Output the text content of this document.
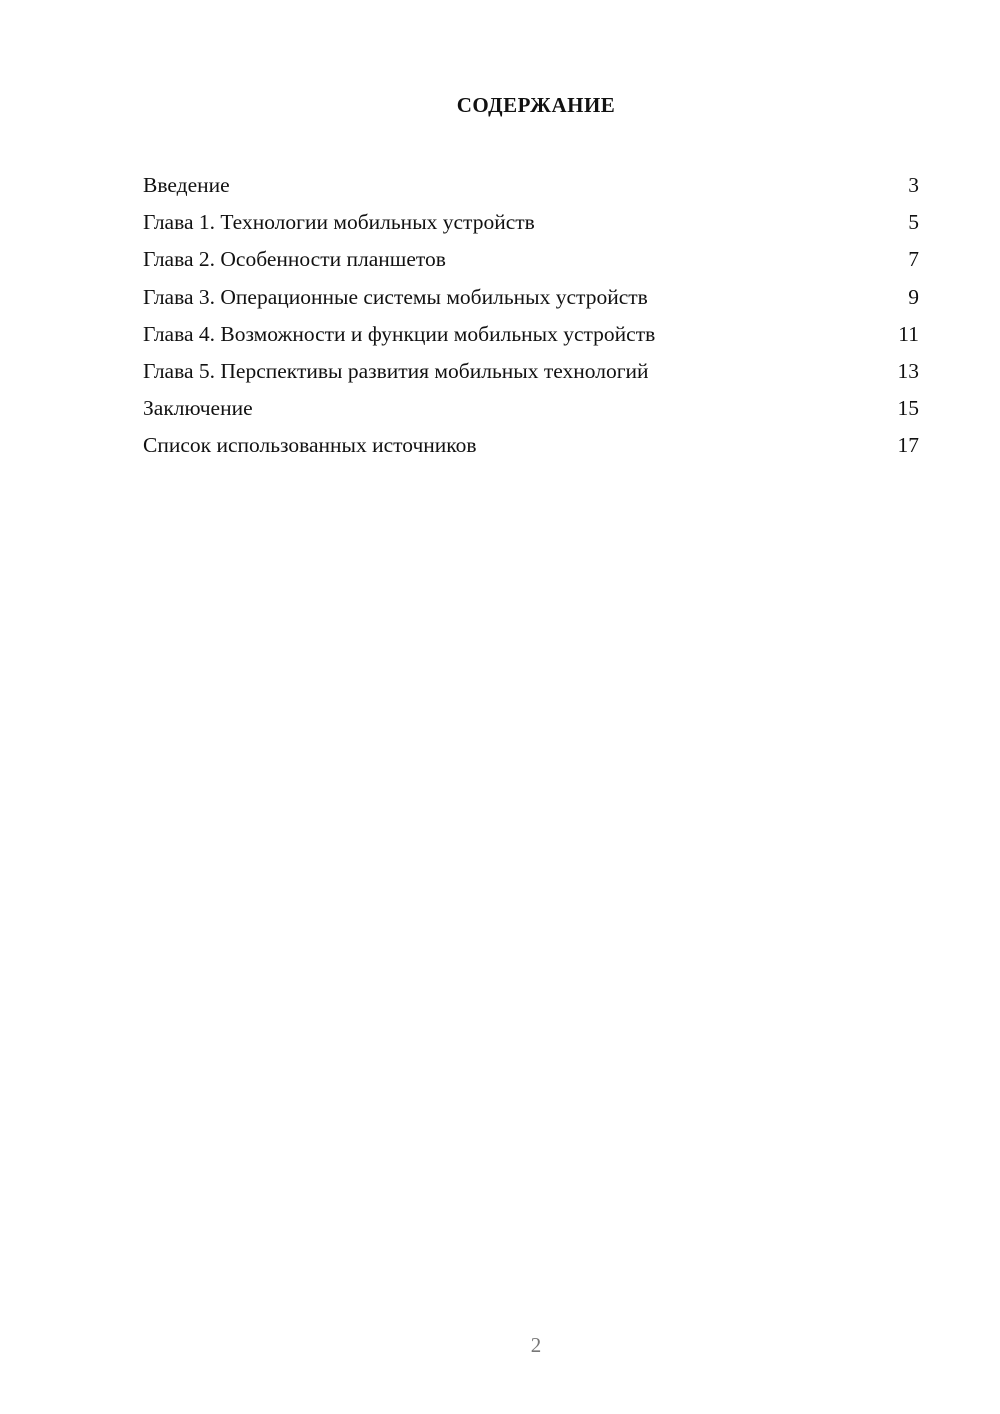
СОДЕРЖАНИЕ
Введение	3
Глава 1. Технологии мобильных устройств	5
Глава 2. Особенности планшетов	7
Глава 3. Операционные системы мобильных устройств	9
Глава 4. Возможности и функции мобильных устройств	11
Глава 5. Перспективы развития мобильных технологий	13
Заключение	15
Список использованных источников	17
2
